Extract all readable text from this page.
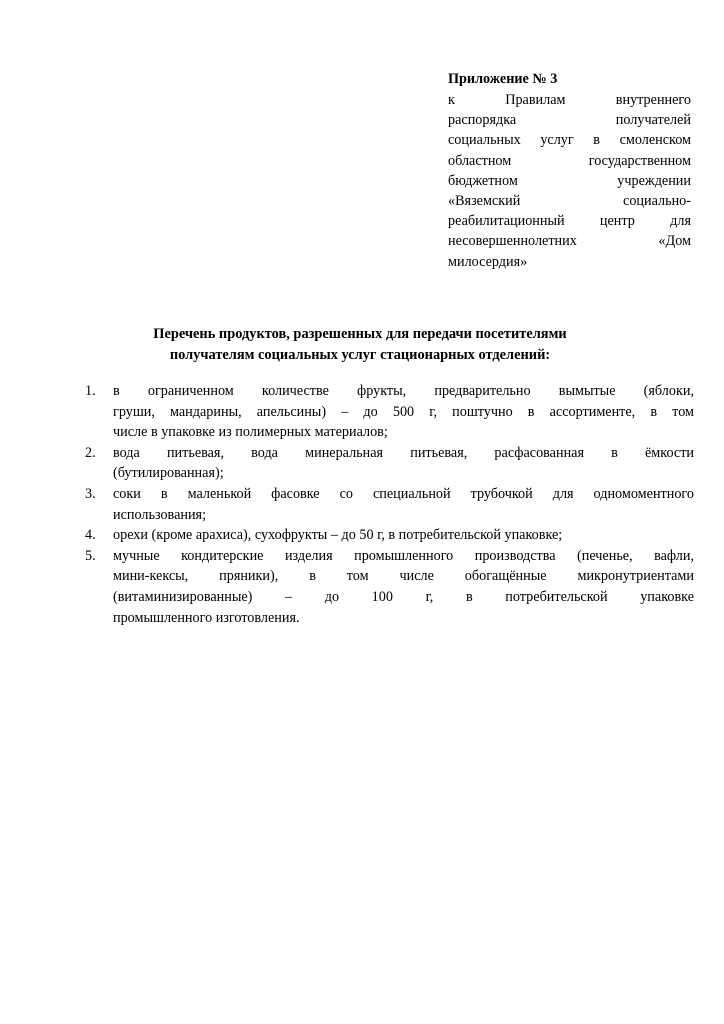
Приложение № 3

к Правилам внутреннего
распорядка получателей
социальных услуг в смоленском
областном государственном
бюджетном учреждении
«Вяземский социально-
реабилитационный центр для
несовершеннолетних «Дом
милосердия»
Перечень продуктов, разрешенных для передачи посетителями
получателям социальных услуг стационарных отделений:
1. в ограниченном количестве фрукты, предварительно вымытые (яблоки,
груши, мандарины, апельсины) – до 500 г, поштучно в ассортименте, в том
числе в упаковке из полимерных материалов;
2. вода питьевая, вода минеральная питьевая, расфасованная в ёмкости
(бутилированная);
3. соки в маленькой фасовке со специальной трубочкой для одномоментного
использования;
4. орехи (кроме арахиса), сухофрукты – до 50 г, в потребительской упаковке;
5. мучные кондитерские изделия промышленного производства (печенье, вафли,
мини-кексы, пряники), в том числе обогащённые микронутриентами
(витаминизированные) – до 100 г, в потребительской упаковке
промышленного изготовления.
